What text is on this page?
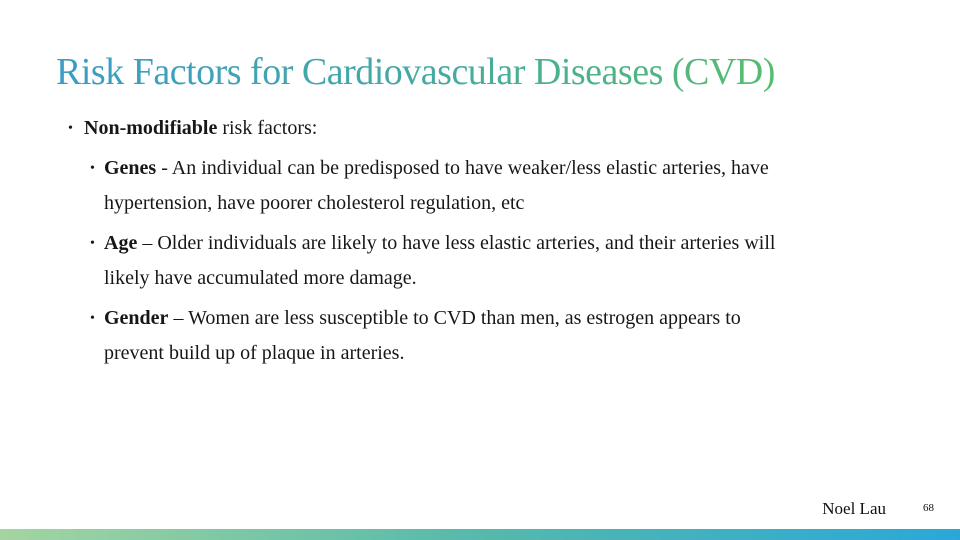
Risk Factors for Cardiovascular Diseases (CVD)
• Non-modifiable risk factors:
• Genes - An individual can be predisposed to have weaker/less elastic arteries, have
hypertension, have poorer cholesterol regulation, etc
• Age – Older individuals are likely to have less elastic arteries, and their arteries will
likely have accumulated more damage.
• Gender – Women are less susceptible to CVD than men, as estrogen appears to
prevent build up of plaque in arteries.
Noel Lau	68
